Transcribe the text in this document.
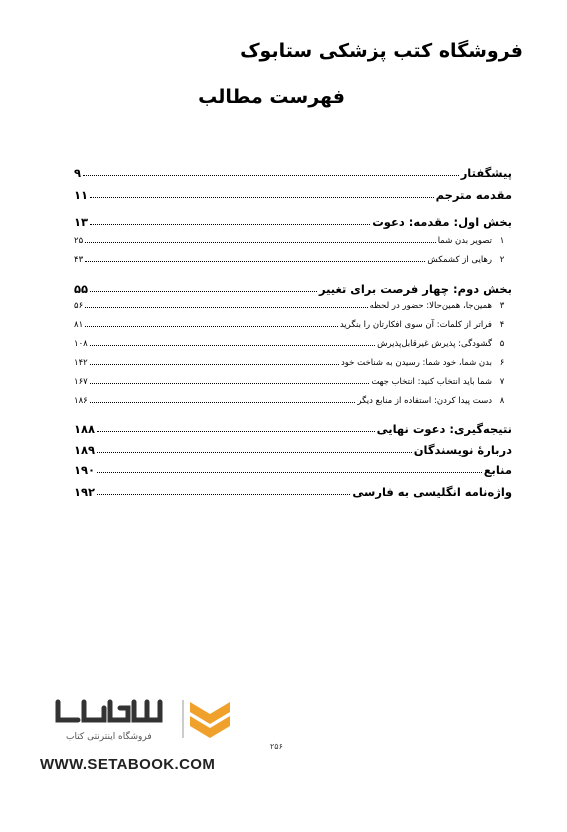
فروشگاه کتب پزشکی ستابوک
فهرست مطالب
پیشگفتار
۹
مقدمه مترجم
۱۱
بخش اول: مقدمه: دعوت
۱۳
۱
تصویر بدن شما
۲۵
۲
رهایی از کشمکش
۴۳
بخش دوم: چهار فرصت برای تغییر
۵۵
۳
همین‌جا، همین‌حالا: حضور در لحظه
۵۶
۴
فراتر از کلمات: آن سوی افکارتان را بنگرید
۸۱
۵
گشودگی: پذیرش غیرقابل‌پذیرش
۱۰۸
۶
بدن شما، خود شما: رسیدن به شناخت خود
۱۴۲
۷
شما باید انتخاب کنید: انتخاب جهت
۱۶۷
۸
دست پیدا کردن: استفاده از منابع دیگر
۱۸۶
نتیجه‌گیری: دعوت نهایی
۱۸۸
دربارهٔ نویسندگان
۱۸۹
منابع
۱۹۰
واژه‌نامه انگلیسی به فارسی
۱۹۲
۲۵۶
فروشگاه اینترنتی کتاب
WWW.SETABOOK.COM
